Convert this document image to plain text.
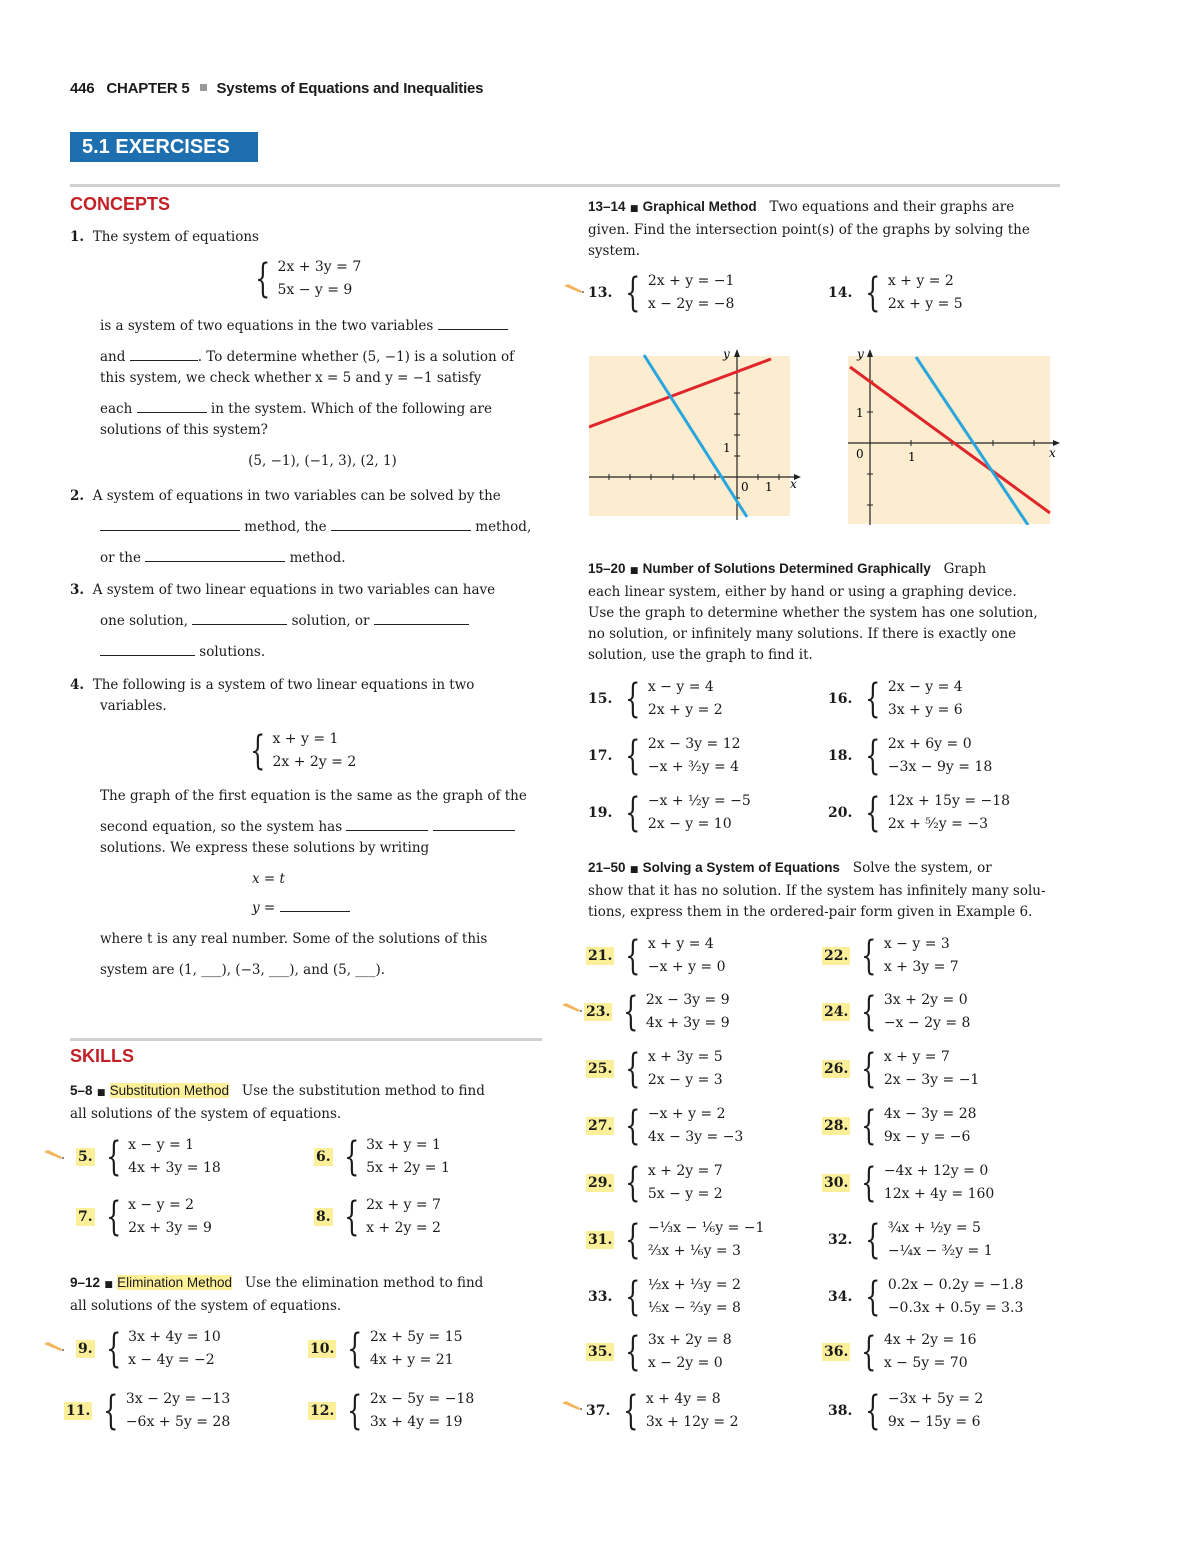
446 CHAPTER 5 Systems of Equations and Inequalities
5.1 EXERCISES
CONCEPTS
1. The system of equations
{ 2x + 3y = 7
5x − y = 9
is a system of two equations in the two variables
and	. To determine whether (5, −1) is a solution of
this system, we check whether x = 5 and y = −1 satisfy
each	in the system. Which of the following are
solutions of this system?
(5, −1), (−1, 3), (2, 1)
2. A system of equations in two variables can be solved by the
method, the	method,
or the	method.
3. A system of two linear equations in two variables can have
one solution,	solution, or
solutions.
4. The following is a system of two linear equations in two
variables.
{ x + y = 1
2x + 2y = 2
The graph of the first equation is the same as the graph of the
second equation, so the system has
solutions. We express these solutions by writing
x = t
y =
where t is any real number. Some of the solutions of this
system are (1, ___), (−3, ___), and (5, ___).
SKILLS
5–8 ■ Substitution Method Use the substitution method to find
all solutions of the system of equations.
5. { x − y = 1
4x + 3y = 18
6. { 3x + y = 1
5x + 2y = 1
7. { x − y = 2
2x + 3y = 9
8. { 2x + y = 7
x + 2y = 2
9–12 ■ Elimination Method Use the elimination method to find
all solutions of the system of equations.
9. { 3x + 4y = 10
x − 4y = −2
10. { 2x + 5y = 15
4x + y = 21
11. { 3x − 2y = −13
−6x + 5y = 28
12. { 2x − 5y = −18
3x + 4y = 19
13–14 ■ Graphical Method Two equations and their graphs are
given. Find the intersection point(s) of the graphs by solving the
system.
13. { 2x + y = −1
x − 2y = −8
14. { x + y = 2
2x + y = 5
y
1
0 1 x
y
1
0	1	x
15–20 ■ Number of Solutions Determined Graphically Graph
each linear system, either by hand or using a graphing device.
Use the graph to determine whether the system has one solution,
no solution, or infinitely many solutions. If there is exactly one
solution, use the graph to find it.
15. { x − y = 4
2x + y = 2
16. { 2x − y = 4
3x + y = 6
17. { 2x − 3y = 12
−x + ³⁄₂y = 4
18. { 2x + 6y = 0
−3x − 9y = 18
19. { −x + ½y = −5
2x − y = 10
20. { 12x + 15y = −18
2x + ⁵⁄₂y = −3
21–50 ■ Solving a System of Equations Solve the system, or
show that it has no solution. If the system has infinitely many solu-
tions, express them in the ordered-pair form given in Example 6.
21. { x + y = 4
−x + y = 0
22. { x − y = 3
x + 3y = 7
23. { 2x − 3y = 9
4x + 3y = 9
24. { 3x + 2y = 0
−x − 2y = 8
25. { x + 3y = 5
2x − y = 3
26. { x + y = 7
2x − 3y = −1
27. { −x + y = 2
4x − 3y = −3
28. { 4x − 3y = 28
9x − y = −6
29. { x + 2y = 7
5x − y = 2
30. { −4x + 12y = 0
12x + 4y = 160
31. { −⅓x − ⅙y = −1
⅔x + ⅙y = 3
32. { ¾x + ½y = 5
−¼x − ³⁄₂y = 1
33. { ½x + ⅓y = 2
⅕x − ⅔y = 8
34. { 0.2x − 0.2y = −1.8
−0.3x + 0.5y = 3.3
35. { 3x + 2y = 8
x − 2y = 0
36. { 4x + 2y = 16
x − 5y = 70
37. { x + 4y = 8
3x + 12y = 2
38. { −3x + 5y = 2
9x − 15y = 6
